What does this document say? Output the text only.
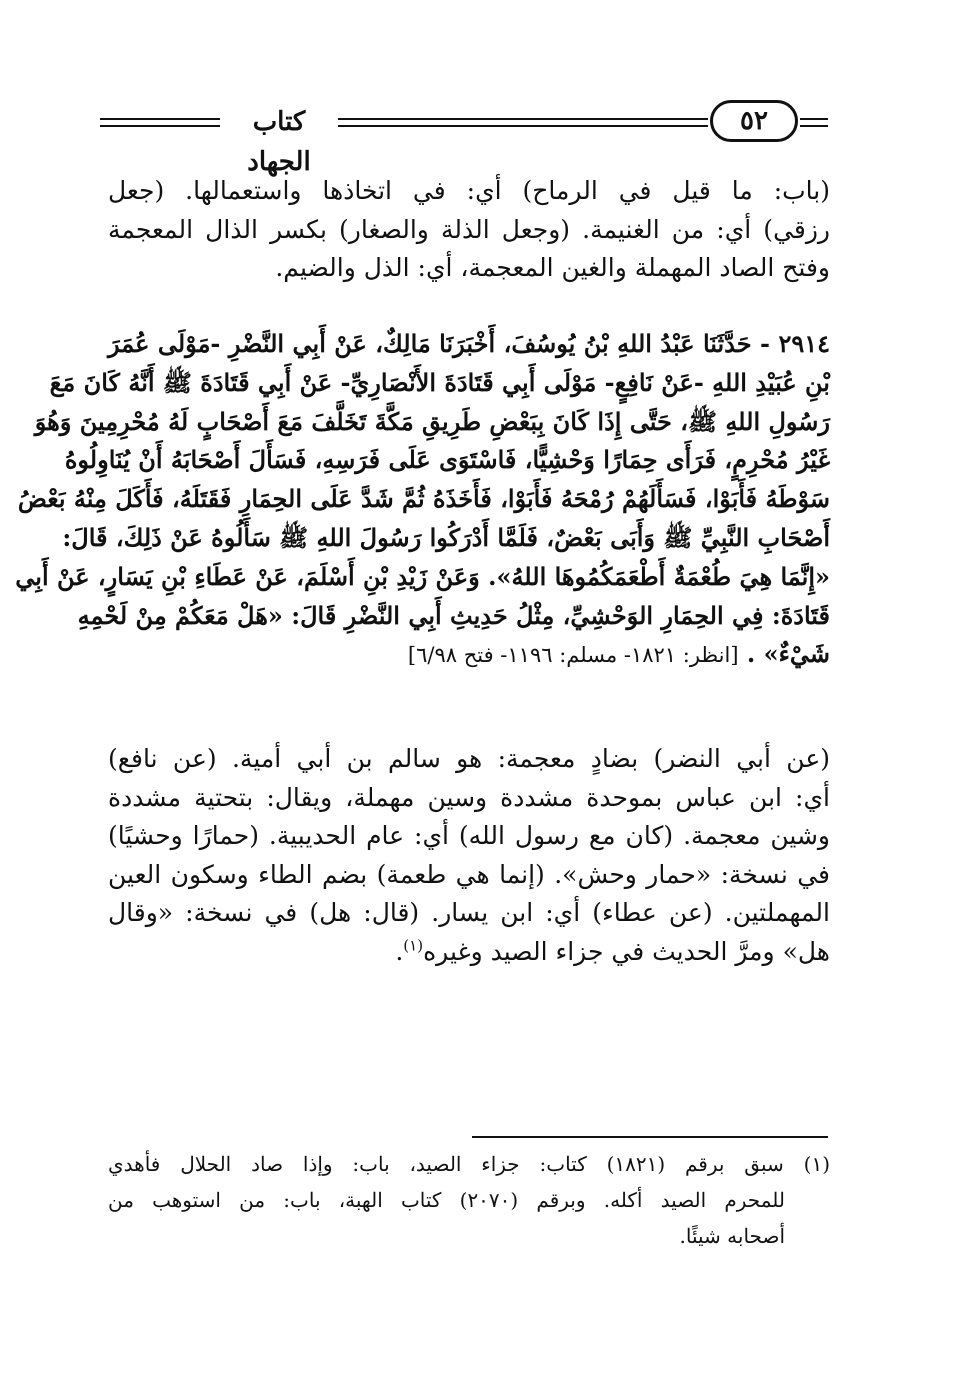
كتاب الجهاد
٥٢
(باب: ما قيل في الرماح) أي: في اتخاذها واستعمالها. (جعل
رزقي) أي: من الغنيمة. (وجعل الذلة والصغار) بكسر الذال المعجمة
وفتح الصاد المهملة والغين المعجمة، أي: الذل والضيم.
٢٩١٤ - حَدَّثَنَا عَبْدُ اللهِ بْنُ يُوسُفَ، أَخْبَرَنَا مَالِكٌ، عَنْ أَبِي النَّضْرِ -مَوْلَى عُمَرَ
بْنِ عُبَيْدِ اللهِ -عَنْ نَافِعٍ- مَوْلَى أَبِي قَتَادَةَ الأَنْصَارِيِّ- عَنْ أَبِي قَتَادَةَ ﷺ أَنَّهُ كَانَ مَعَ
رَسُولِ اللهِ ﷺ، حَتَّى إِذَا كَانَ بِبَعْضِ طَرِيقِ مَكَّةَ تَخَلَّفَ مَعَ أَصْحَابٍ لَهُ مُحْرِمِينَ وَهُوَ
غَيْرُ مُحْرِمٍ، فَرَأَى حِمَارًا وَحْشِيًّا، فَاسْتَوَى عَلَى فَرَسِهِ، فَسَأَلَ أَصْحَابَهُ أَنْ يُنَاوِلُوهُ
سَوْطَهُ فَأَبَوْا، فَسَأَلَهُمْ رُمْحَهُ فَأَبَوْا، فَأَخَذَهُ ثُمَّ شَدَّ عَلَى الحِمَارِ فَقَتَلَهُ، فَأَكَلَ مِنْهُ بَعْضُ
أَصْحَابِ النَّبِيِّ ﷺ وَأَبَى بَعْضٌ، فَلَمَّا أَدْرَكُوا رَسُولَ اللهِ ﷺ سَأَلُوهُ عَنْ ذَلِكَ، قَالَ:
«إِنَّمَا هِيَ طُعْمَةٌ أَطْعَمَكُمُوهَا اللهُ». وَعَنْ زَيْدِ بْنِ أَسْلَمَ، عَنْ عَطَاءِ بْنِ يَسَارٍ، عَنْ أَبِي
قَتَادَةَ: فِي الحِمَارِ الوَحْشِيِّ، مِثْلُ حَدِيثِ أَبِي النَّضْرِ قَالَ: «هَلْ مَعَكُمْ مِنْ لَحْمِهِ
شَيْءٌ» . [انظر: ١٨٢١- مسلم: ١١٩٦- فتح ٦/٩٨]
(عن أبي النضر) بضادٍ معجمة: هو سالم بن أبي أمية. (عن نافع)
أي: ابن عباس بموحدة مشددة وسين مهملة، ويقال: بتحتية مشددة
وشين معجمة. (كان مع رسول الله) أي: عام الحديبية. (حمارًا وحشيًا)
في نسخة: «حمار وحش». (إنما هي طعمة) بضم الطاء وسكون العين
المهملتين. (عن عطاء) أي: ابن يسار. (قال: هل) في نسخة: «وقال
هل» ومرَّ الحديث في جزاء الصيد وغيره$^{(١)}$.
(١) سبق برقم (١٨٢١) كتاب: جزاء الصيد، باب: وإذا صاد الحلال فأهدي
للمحرم الصيد أكله. وبرقم (٢٠٧٠) كتاب الهبة، باب: من استوهب من
أصحابه شيئًا.
